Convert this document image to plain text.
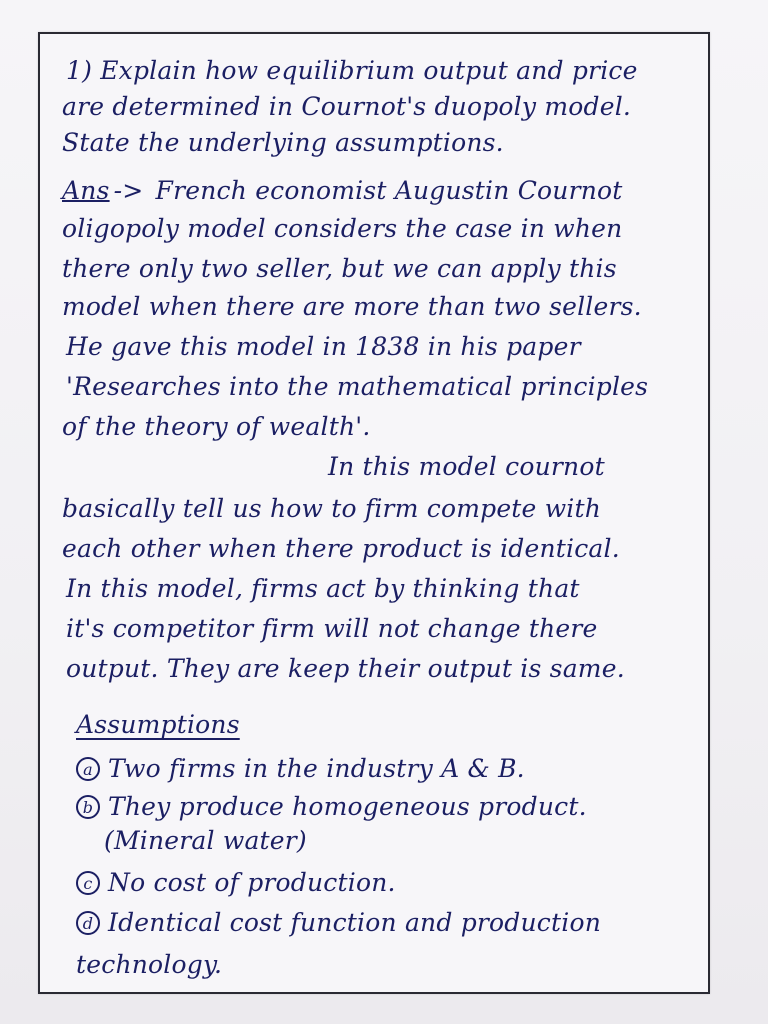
1) Explain how equilibrium output and price
are determined in Cournot's duopoly model.
State the underlying assumptions.
Ans -> French economist Augustin Cournot
oligopoly model considers the case in when
there only two seller, but we can apply this
model when there are more than two sellers.
He gave this model in 1838 in his paper
'Researches into the mathematical principles
of the theory of wealth'.
In this model cournot
basically tell us how to firm compete with
each other when there product is identical.
In this model, firms act by thinking that
it's competitor firm will not change there
output. They are keep their output is same.
Assumptions
a Two firms in the industry A & B.
b They produce homogeneous product.
(Mineral water)
c No cost of production.
d Identical cost function and production
technology.
